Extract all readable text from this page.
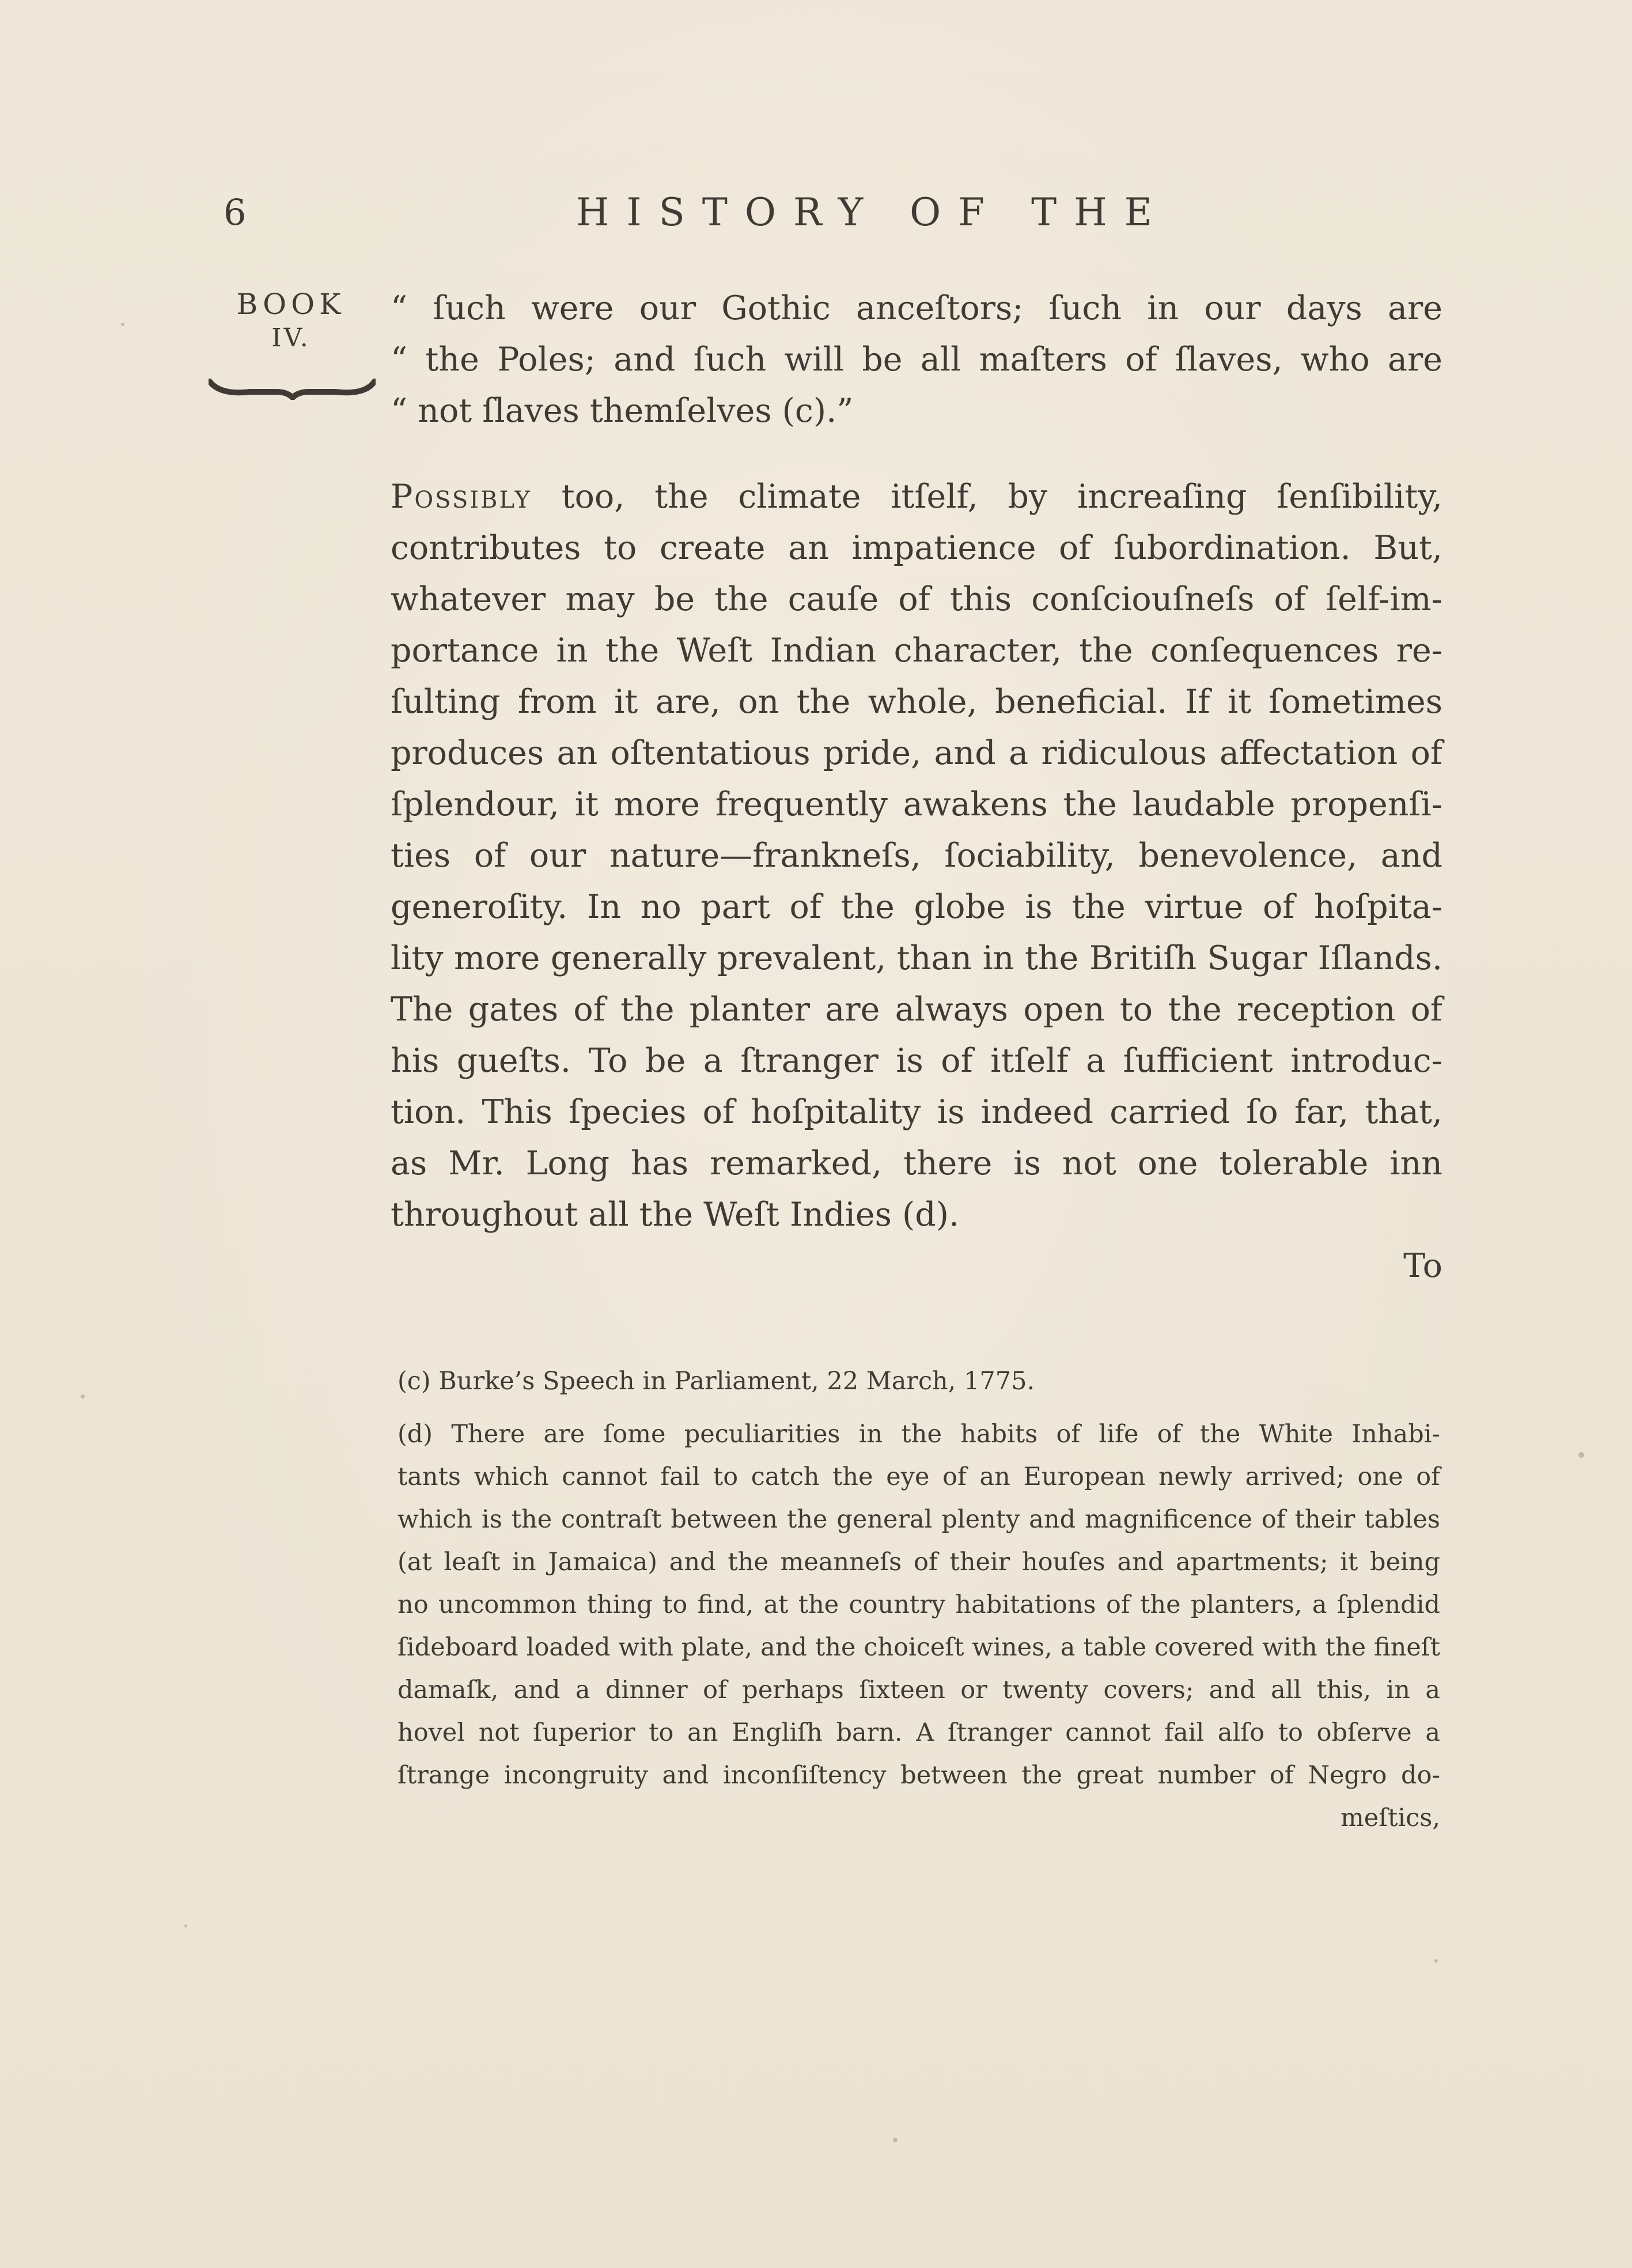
6	HISTORY OF THE
BOOK
IV.
“ ſuch were our Gothic anceſtors; ſuch in our days are
“ the Poles; and ſuch will be all maſters of ſlaves, who are
“ not ſlaves themſelves (c).”
Possibly too, the climate itſelf, by increaſing ſenſibility,
contributes to create an impatience of ſubordination. But,
whatever may be the cauſe of this conſciouſneſs of ſelf-im-
portance in the Weſt Indian character, the conſequences re-
ſulting from it are, on the whole, beneficial. If it ſometimes
produces an oſtentatious pride, and a ridiculous affectation of
ſplendour, it more frequently awakens the laudable propenſi-
ties of our nature—frankneſs, ſociability, benevolence, and
generoſity. In no part of the globe is the virtue of hoſpita-
lity more generally prevalent, than in the Britiſh Sugar Iſlands.
The gates of the planter are always open to the reception of
his gueſts. To be a ſtranger is of itſelf a ſufficient introduc-
tion. This ſpecies of hoſpitality is indeed carried ſo far, that,
as Mr. Long has remarked, there is not one tolerable inn
throughout all the Weſt Indies (d).
To
(c) Burke’s Speech in Parliament, 22 March, 1775.
(d) There are ſome peculiarities in the habits of life of the White Inhabi-
tants which cannot fail to catch the eye of an European newly arrived; one of
which is the contraſt between the general plenty and magnificence of their tables
(at leaſt in Jamaica) and the meanneſs of their houſes and apartments; it being
no uncommon thing to find, at the country habitations of the planters, a ſplendid
ſideboard loaded with plate, and the choiceſt wines, a table covered with the fineſt
damaſk, and a dinner of perhaps ſixteen or twenty covers; and all this, in a
hovel not ſuperior to an Engliſh barn. A ſtranger cannot fail alſo to obſerve a
ſtrange incongruity and inconſiſtency between the great number of Negro do-
meſtics,
